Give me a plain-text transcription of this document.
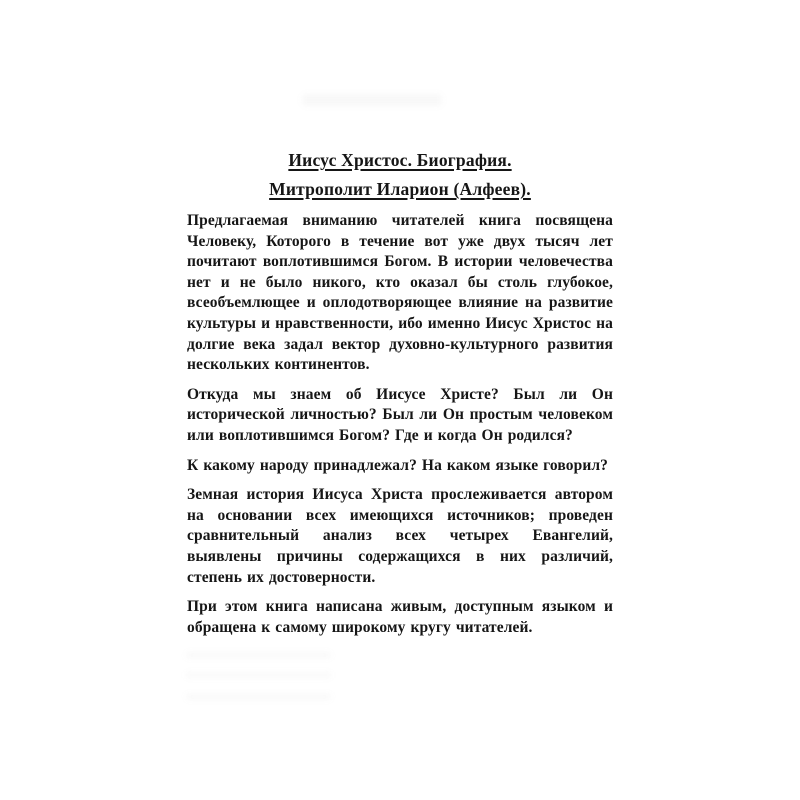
Иисус Христос. Биография.
Митрополит Иларион (Алфеев).

Предлагаемая вниманию читателей книга посвящена Человеку, Которого в течение вот уже двух тысяч лет почитают воплотившимся Богом. В истории человечества нет и не было никого, кто оказал бы столь глубокое, всеобъемлющее и оплодотворяющее влияние на развитие культуры и нравственности, ибо именно Иисус Христос на долгие века задал вектор духовно-культурного развития нескольких континентов.

Откуда мы знаем об Иисусе Христе? Был ли Он исторической личностью? Был ли Он простым человеком или воплотившимся Богом? Где и когда Он родился?

К какому народу принадлежал? На каком языке говорил?

Земная история Иисуса Христа прослеживается автором на основании всех имеющихся источников; проведен сравнительный анализ всех четырех Евангелий, выявлены причины содержащихся в них различий, степень их достоверности.

При этом книга написана живым, доступным языком и обращена к самому широкому кругу читателей.
